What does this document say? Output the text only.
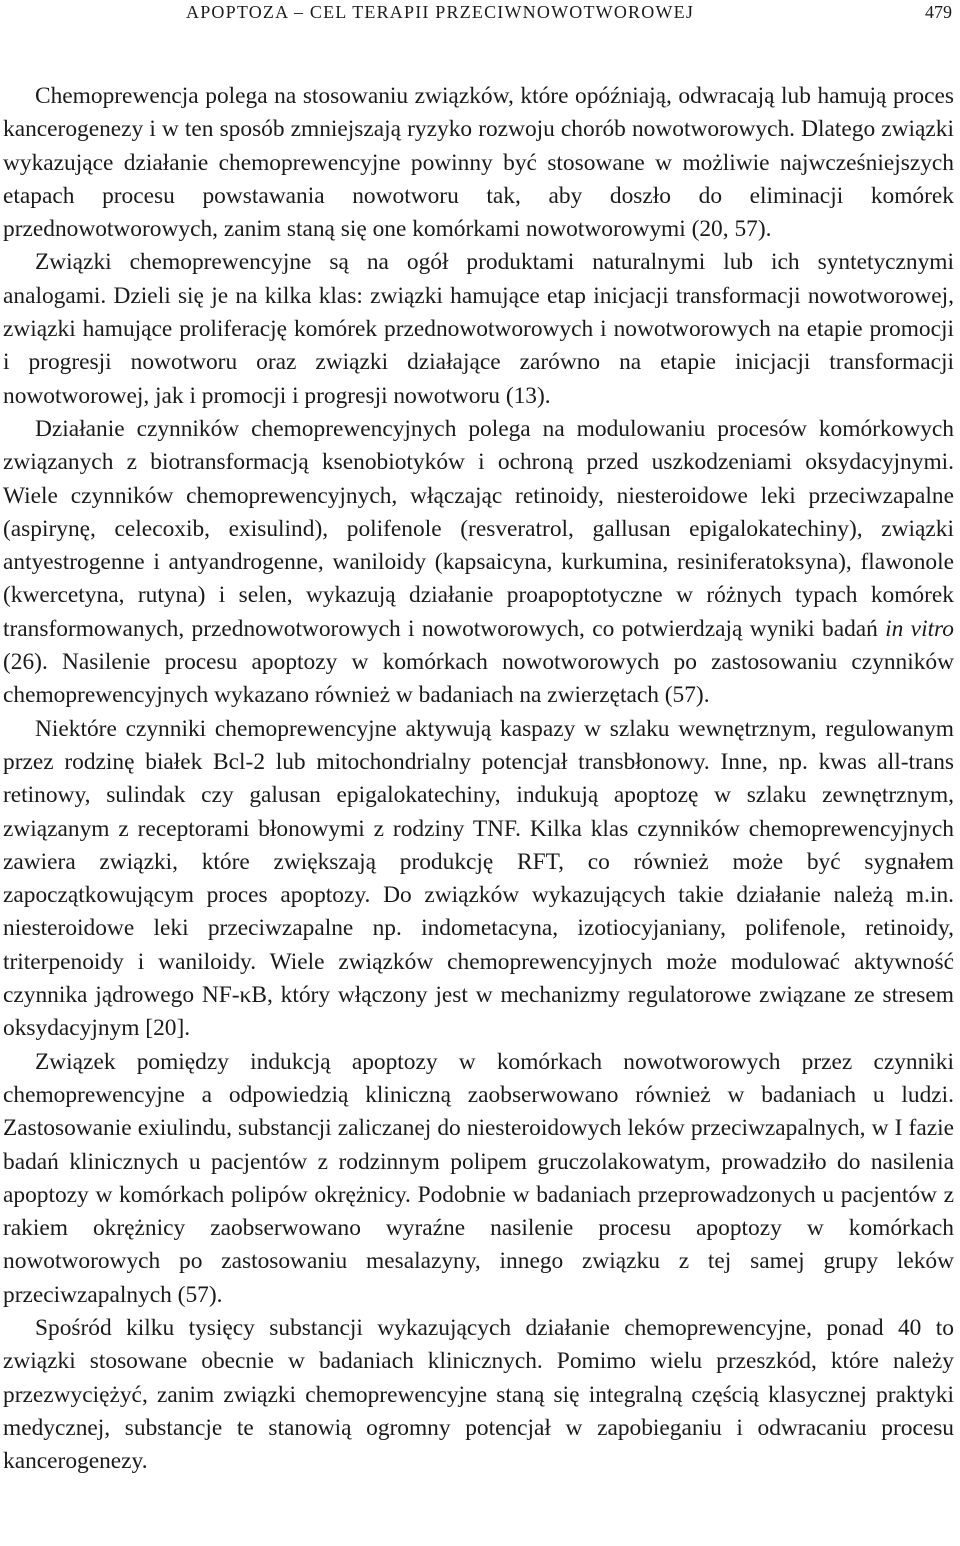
APOPTOZA – CEL TERAPII PRZECIWNOWOTWOROWEJ	479

Chemoprewencja polega na stosowaniu związków, które opóźniają, odwracają lub hamują proces kancerogenezy i w ten sposób zmniejszają ryzyko rozwoju chorób nowotworowych. Dlatego związki wykazujące działanie chemoprewencyjne powinny być stosowane w możliwie najwcześniejszych etapach procesu powstawania nowotworu tak, aby doszło do eliminacji komórek przednowotworowych, zanim staną się one komórkami nowotworowymi (20, 57).

Związki chemoprewencyjne są na ogół produktami naturalnymi lub ich syntetycznymi analogami. Dzieli się je na kilka klas: związki hamujące etap inicjacji transformacji nowotworowej, związki hamujące proliferację komórek przednowotworowych i nowotworowych na etapie promocji i progresji nowotworu oraz związki działające zarówno na etapie inicjacji transformacji nowotworowej, jak i promocji i progresji nowotworu (13).

Działanie czynników chemoprewencyjnych polega na modulowaniu procesów komórkowych związanych z biotransformacją ksenobiotyków i ochroną przed uszkodzeniami oksydacyjnymi. Wiele czynników chemoprewencyjnych, włączając retinoidy, niesteroidowe leki przeciwzapalne (aspirynę, celecoxib, exisulind), polifenole (resveratrol, gallusan epigalokatechiny), związki antyestrogenne i antyandrogenne, waniloidy (kapsaicyna, kurkumina, resiniferatoksyna), flawonole (kwercetyna, rutyna) i selen, wykazują działanie proapoptotyczne w różnych typach komórek transformowanych, przednowotworowych i nowotworowych, co potwierdzają wyniki badań in vitro (26). Nasilenie procesu apoptozy w komórkach nowotworowych po zastosowaniu czynników chemoprewencyjnych wykazano również w badaniach na zwierzętach (57).

Niektóre czynniki chemoprewencyjne aktywują kaspazy w szlaku wewnętrznym, regulowanym przez rodzinę białek Bcl-2 lub mitochondrialny potencjał transbłonowy. Inne, np. kwas all-trans retinowy, sulindak czy galusan epigalokatechiny, indukują apoptozę w szlaku zewnętrznym, związanym z receptorami błonowymi z rodziny TNF. Kilka klas czynników chemoprewencyjnych zawiera związki, które zwiększają produkcję RFT, co również może być sygnałem zapoczątkowującym proces apoptozy. Do związków wykazujących takie działanie należą m.in. niesteroidowe leki przeciwzapalne np. indometacyna, izotiocyjaniany, polifenole, retinoidy, triterpenoidy i waniloidy. Wiele związków chemoprewencyjnych może modulować aktywność czynnika jądrowego NF-κB, który włączony jest w mechanizmy regulatorowe związane ze stresem oksydacyjnym [20].

Związek pomiędzy indukcją apoptozy w komórkach nowotworowych przez czynniki chemoprewencyjne a odpowiedzią kliniczną zaobserwowano również w badaniach u ludzi. Zastosowanie exiulindu, substancji zaliczanej do niesteroidowych leków przeciwzapalnych, w I fazie badań klinicznych u pacjentów z rodzinnym polipem gruczolakowatym, prowadziło do nasilenia apoptozy w komórkach polipów okrężnicy. Podobnie w badaniach przeprowadzonych u pacjentów z rakiem okrężnicy zaobserwowano wyraźne nasilenie procesu apoptozy w komórkach nowotworowych po zastosowaniu mesalazyny, innego związku z tej samej grupy leków przeciwzapalnych (57).

Spośród kilku tysięcy substancji wykazujących działanie chemoprewencyjne, ponad 40 to związki stosowane obecnie w badaniach klinicznych. Pomimo wielu przeszkód, które należy przezwyciężyć, zanim związki chemoprewencyjne staną się integralną częścią klasycznej praktyki medycznej, substancje te stanowią ogromny potencjał w zapobieganiu i odwracaniu procesu kancerogenezy.
